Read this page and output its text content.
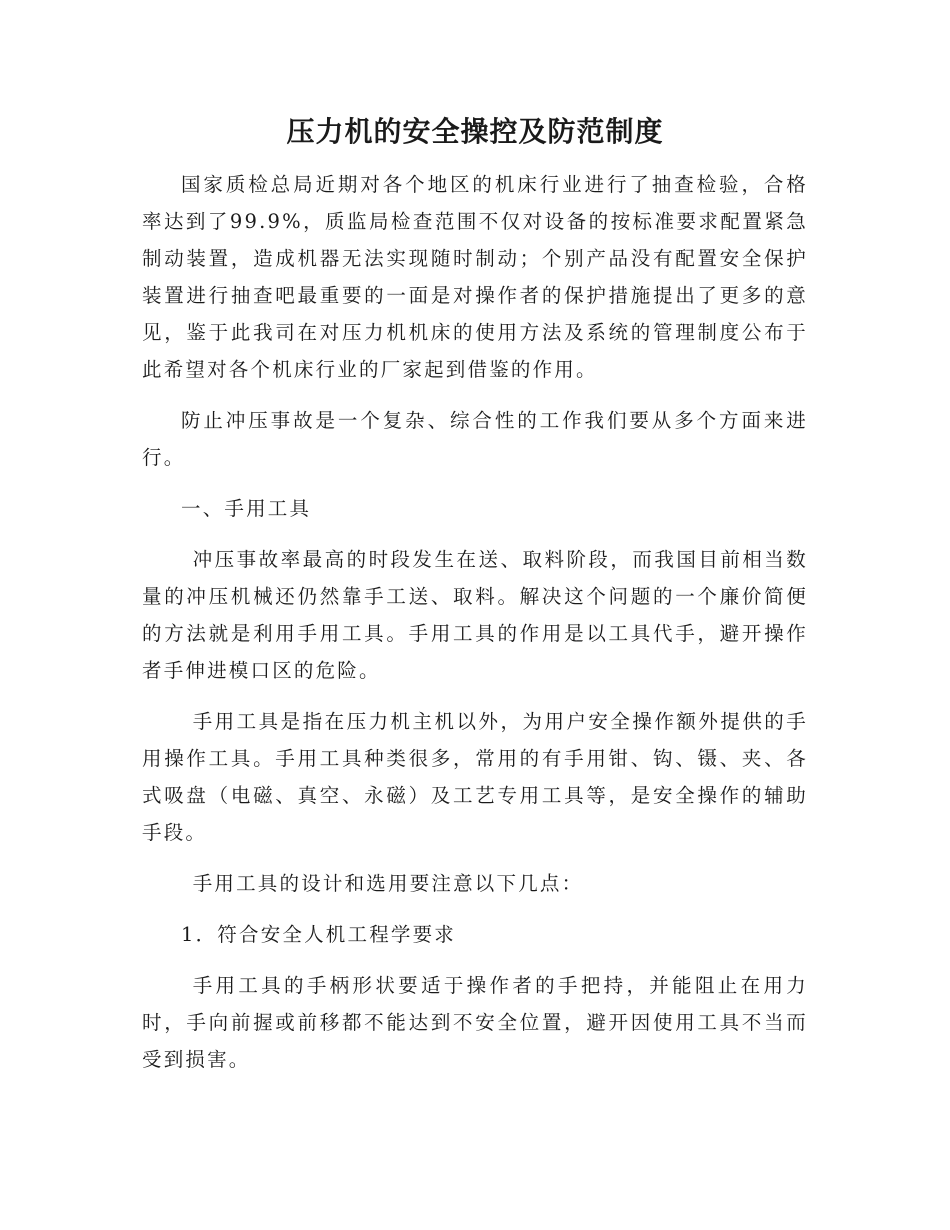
压力机的安全操控及防范制度

国家质检总局近期对各个地区的机床行业进行了抽查检验，合格率达到了99.9%，质监局检查范围不仅对设备的按标准要求配置紧急制动装置，造成机器无法实现随时制动；个别产品没有配置安全保护装置进行抽查吧最重要的一面是对操作者的保护措施提出了更多的意见，鉴于此我司在对压力机机床的使用方法及系统的管理制度公布于此希望对各个机床行业的厂家起到借鉴的作用。

防止冲压事故是一个复杂、综合性的工作我们要从多个方面来进行。

一、手用工具

冲压事故率最高的时段发生在送、取料阶段，而我国目前相当数量的冲压机械还仍然靠手工送、取料。解决这个问题的一个廉价简便的方法就是利用手用工具。手用工具的作用是以工具代手，避开操作者手伸进模口区的危险。

手用工具是指在压力机主机以外，为用户安全操作额外提供的手用操作工具。手用工具种类很多，常用的有手用钳、钩、镊、夹、各式吸盘（电磁、真空、永磁）及工艺专用工具等，是安全操作的辅助手段。

手用工具的设计和选用要注意以下几点：

1．符合安全人机工程学要求

手用工具的手柄形状要适于操作者的手把持，并能阻止在用力时，手向前握或前移都不能达到不安全位置，避开因使用工具不当而受到损害。
